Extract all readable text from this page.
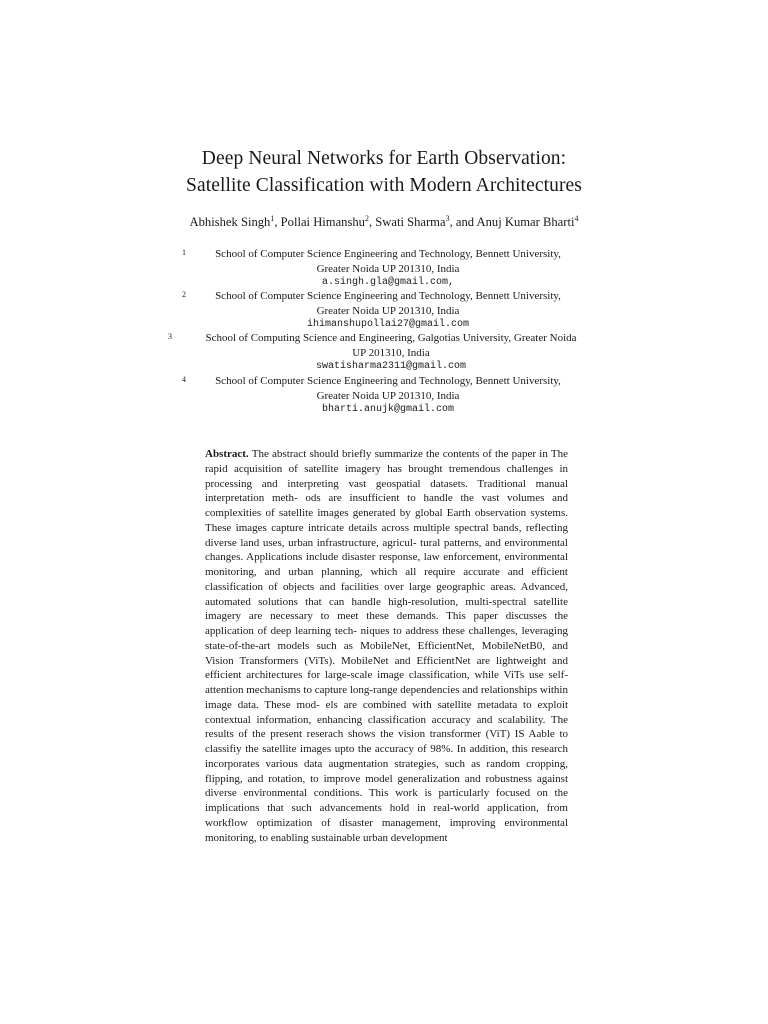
Deep Neural Networks for Earth Observation:
Satellite Classification with Modern Architectures
Abhishek Singh$^1$, Pollai Himanshu$^2$, Swati Sharma$^3$, and Anuj Kumar Bharti$^4$
1	School of Computer Science Engineering and Technology, Bennett University,
Greater Noida UP 201310, India
a.singh.gla@gmail.com,
2	School of Computer Science Engineering and Technology, Bennett University,
Greater Noida UP 201310, India
ihimanshupollai27@gmail.com
3	School of Computing Science and Engineering, Galgotias University, Greater Noida
UP 201310, India
swatisharma2311@gmail.com
4	School of Computer Science Engineering and Technology, Bennett University,
Greater Noida UP 201310, India
bharti.anujk@gmail.com
Abstract. The abstract should briefly summarize the contents of the paper in The rapid acquisition of satellite imagery has brought tremendous challenges in processing and interpreting vast geospatial datasets. Traditional manual interpretation meth- ods are insufficient to handle the vast volumes and complexities of satellite images generated by global Earth observation systems. These images capture intricate details across multiple spectral bands, reflecting diverse land uses, urban infrastructure, agricul- tural patterns, and environmental changes. Applications include disaster response, law enforcement, environmental monitoring, and urban planning, which all require accurate and efficient classification of objects and facilities over large geographic areas. Advanced, automated solutions that can handle high-resolution, multi-spectral satellite imagery are necessary to meet these demands. This paper discusses the application of deep learning tech- niques to address these challenges, leveraging state-of-the-art models such as MobileNet, EfficientNet, MobileNetB0, and Vision Transformers (ViTs). MobileNet and EfficientNet are lightweight and efficient architectures for large-scale image classification, while ViTs use self-attention mechanisms to capture long-range dependencies and relationships within image data. These mod- els are combined with satellite metadata to exploit contextual information, enhancing classification accuracy and scalability. The results of the present reserach shows the vision transformer (ViT) IS Aable to classifiy the satellite images upto the accuracy of 98%. In addition, this research incorporates various data augmentation strategies, such as random cropping, flipping, and rotation, to improve model generalization and robustness against diverse environmental conditions. This work is particularly focused on the implications that such advancements hold in real-world application, from workflow optimization of disaster management, improving environmental monitoring, to enabling sustainable urban development
